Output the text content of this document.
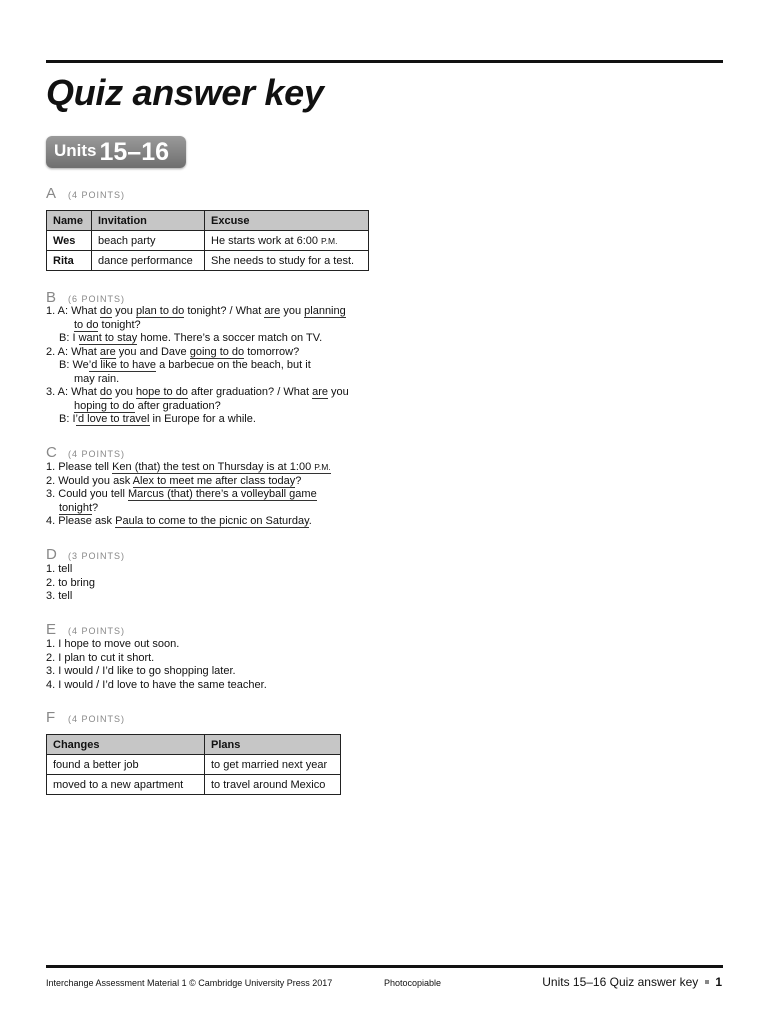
Quiz answer key
Units 15–16
A	(4 POINTS)
Name	Invitation	Excuse
Wes	beach party	He starts work at 6:00 P.M.
Rita	dance performance	She needs to study for a test.
B	(6 POINTS)
1. A: What do you plan to do tonight? / What are you planning
to do tonight?
B: I want to stay home. There’s a soccer match on TV.
2. A: What are you and Dave going to do tomorrow?
B: We’d like to have a barbecue on the beach, but it
may rain.
3. A: What do you hope to do after graduation? / What are you
hoping to do after graduation?
B: I’d love to travel in Europe for a while.
C	(4 POINTS)
1. Please tell Ken (that) the test on Thursday is at 1:00 P.M.
2. Would you ask Alex to meet me after class today?
3. Could you tell Marcus (that) there’s a volleyball game
tonight?
4. Please ask Paula to come to the picnic on Saturday.
D	(3 POINTS)
1. tell
2. to bring
3. tell
E	(4 POINTS)
1. I hope to move out soon.
2. I plan to cut it short.
3. I would / I’d like to go shopping later.
4. I would / I’d love to have the same teacher.
F	(4 POINTS)
Changes	Plans
found a better job	to get married next year
moved to a new apartment	to travel around Mexico
Interchange Assessment Material 1 © Cambridge University Press 2017	Photocopiable	Units 15–16 Quiz answer key 1
